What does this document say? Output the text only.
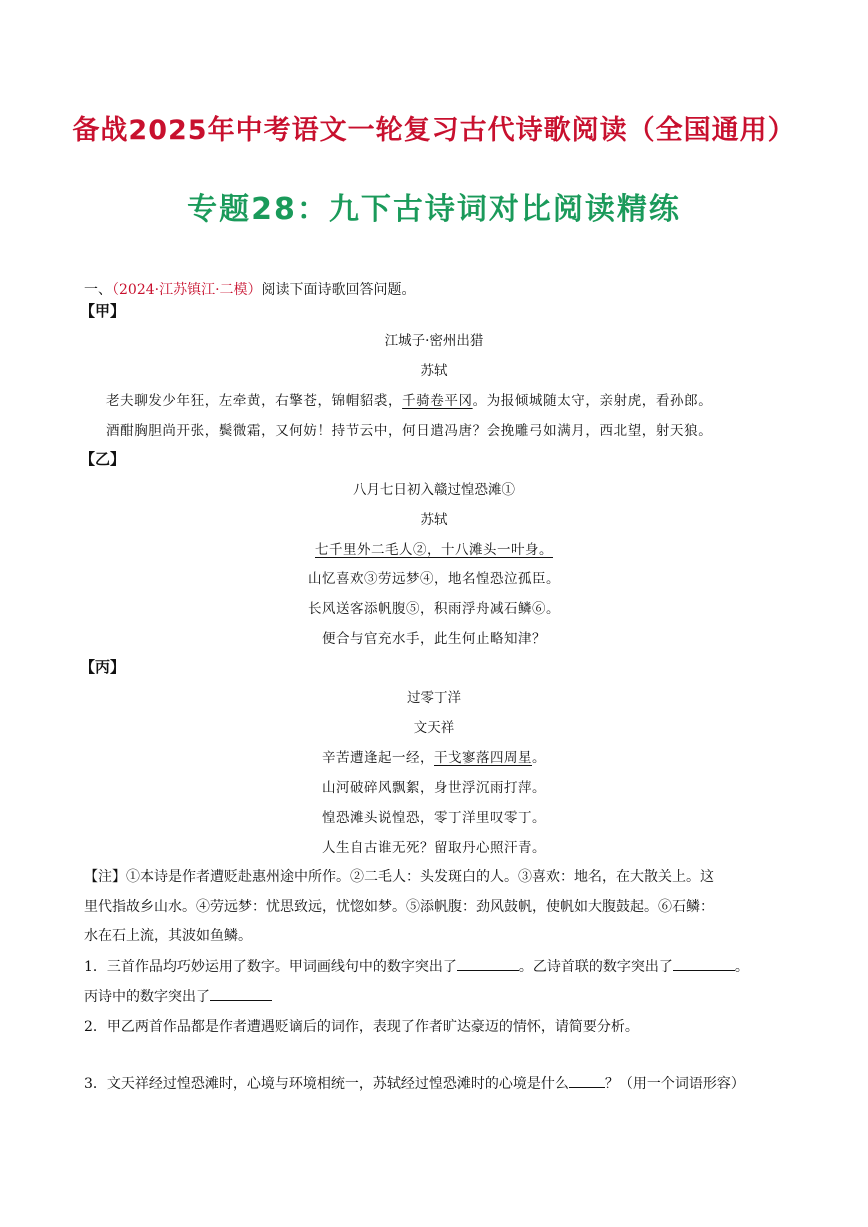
备战2025年中考语文一轮复习古代诗歌阅读（全国通用）
专题28：九下古诗词对比阅读精练
一、（2024·江苏镇江·二模）阅读下面诗歌回答问题。
【甲】
江城子·密州出猎
苏轼
老夫聊发少年狂，左牵黄，右擎苍，锦帽貂裘，千骑卷平冈。为报倾城随太守，亲射虎，看孙郎。
酒酣胸胆尚开张，鬓微霜，又何妨！持节云中，何日遣冯唐？会挽雕弓如满月，西北望，射天狼。
【乙】
八月七日初入赣过惶恐滩①
苏轼
七千里外二毛人②，十八滩头一叶身。
山忆喜欢③劳远梦④，地名惶恐泣孤臣。
长风送客添帆腹⑤，积雨浮舟减石鳞⑥。
便合与官充水手，此生何止略知津？
【丙】
过零丁洋
文天祥
辛苦遭逢起一经，干戈寥落四周星。
山河破碎风飘絮，身世浮沉雨打萍。
惶恐滩头说惶恐，零丁洋里叹零丁。
人生自古谁无死？留取丹心照汗青。
【注】①本诗是作者遭贬赴惠州途中所作。②二毛人：头发斑白的人。③喜欢：地名，在大散关上。这
里代指故乡山水。④劳远梦：忧思致远，忧惚如梦。⑤添帆腹：劲风鼓帆，使帆如大腹鼓起。⑥石鳞：
水在石上流，其波如鱼鳞。
1．三首作品均巧妙运用了数字。甲词画线句中的数字突出了	。乙诗首联的数字突出了	。
丙诗中的数字突出了
2．甲乙两首作品都是作者遭遇贬谪后的词作，表现了作者旷达豪迈的情怀，请简要分析。
3．文天祥经过惶恐滩时，心境与环境相统一，苏轼经过惶恐滩时的心境是什么	？（用一个词语形容）
